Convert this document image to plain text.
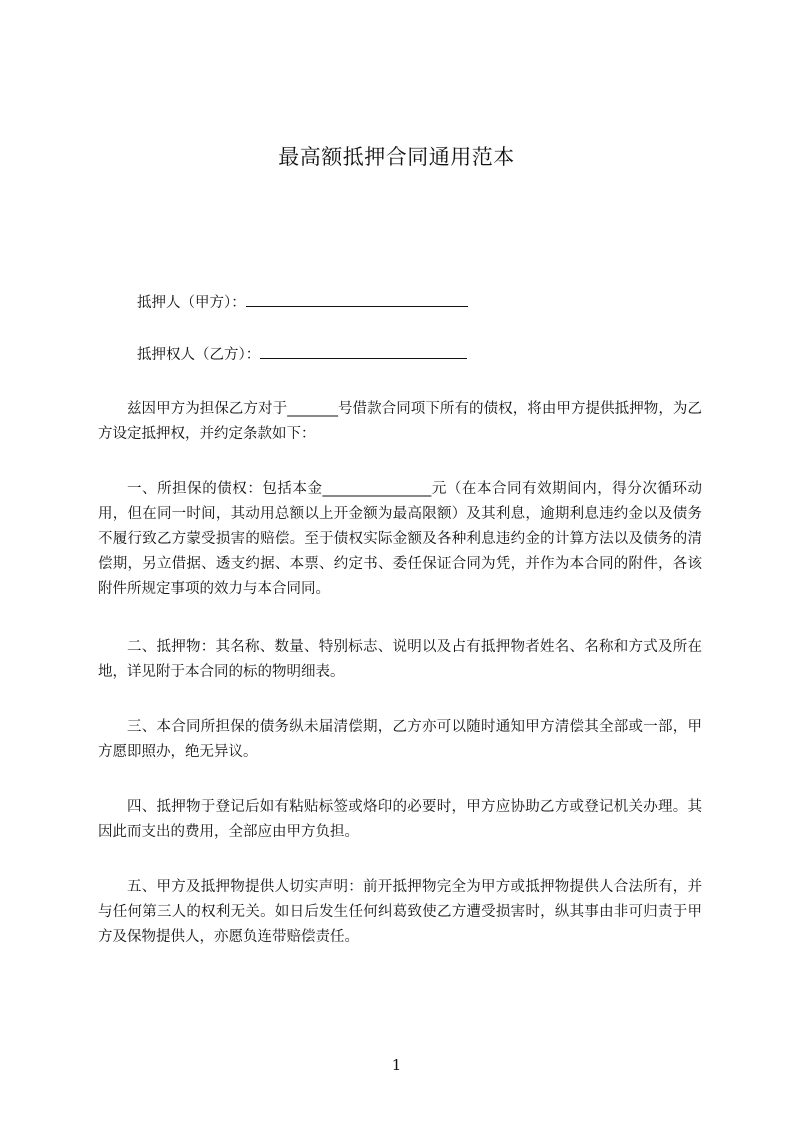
最高额抵押合同通用范本
抵押人（甲方）：
抵押权人（乙方）：

兹因甲方为担保乙方对于_______号借款合同项下所有的债权，将由甲方提供抵押物，为乙方设定抵押权，并约定条款如下：

一、所担保的债权：包括本金_______________元（在本合同有效期间内，得分次循环动用，但在同一时间，其动用总额以上开金额为最高限额）及其利息，逾期利息违约金以及债务不履行致乙方蒙受损害的赔偿。至于债权实际金额及各种利息违约金的计算方法以及债务的清偿期，另立借据、透支约据、本票、约定书、委任保证合同为凭，并作为本合同的附件，各该附件所规定事项的效力与本合同同。

二、抵押物：其名称、数量、特别标志、说明以及占有抵押物者姓名、名称和方式及所在地，详见附于本合同的标的物明细表。

三、本合同所担保的债务纵未届清偿期，乙方亦可以随时通知甲方清偿其全部或一部，甲方愿即照办，绝无异议。

四、抵押物于登记后如有粘贴标签或烙印的必要时，甲方应协助乙方或登记机关办理。其因此而支出的费用，全部应由甲方负担。

五、甲方及抵押物提供人切实声明：前开抵押物完全为甲方或抵押物提供人合法所有，并与任何第三人的权利无关。如日后发生任何纠葛致使乙方遭受损害时，纵其事由非可归责于甲方及保物提供人，亦愿负连带赔偿责任。

1
